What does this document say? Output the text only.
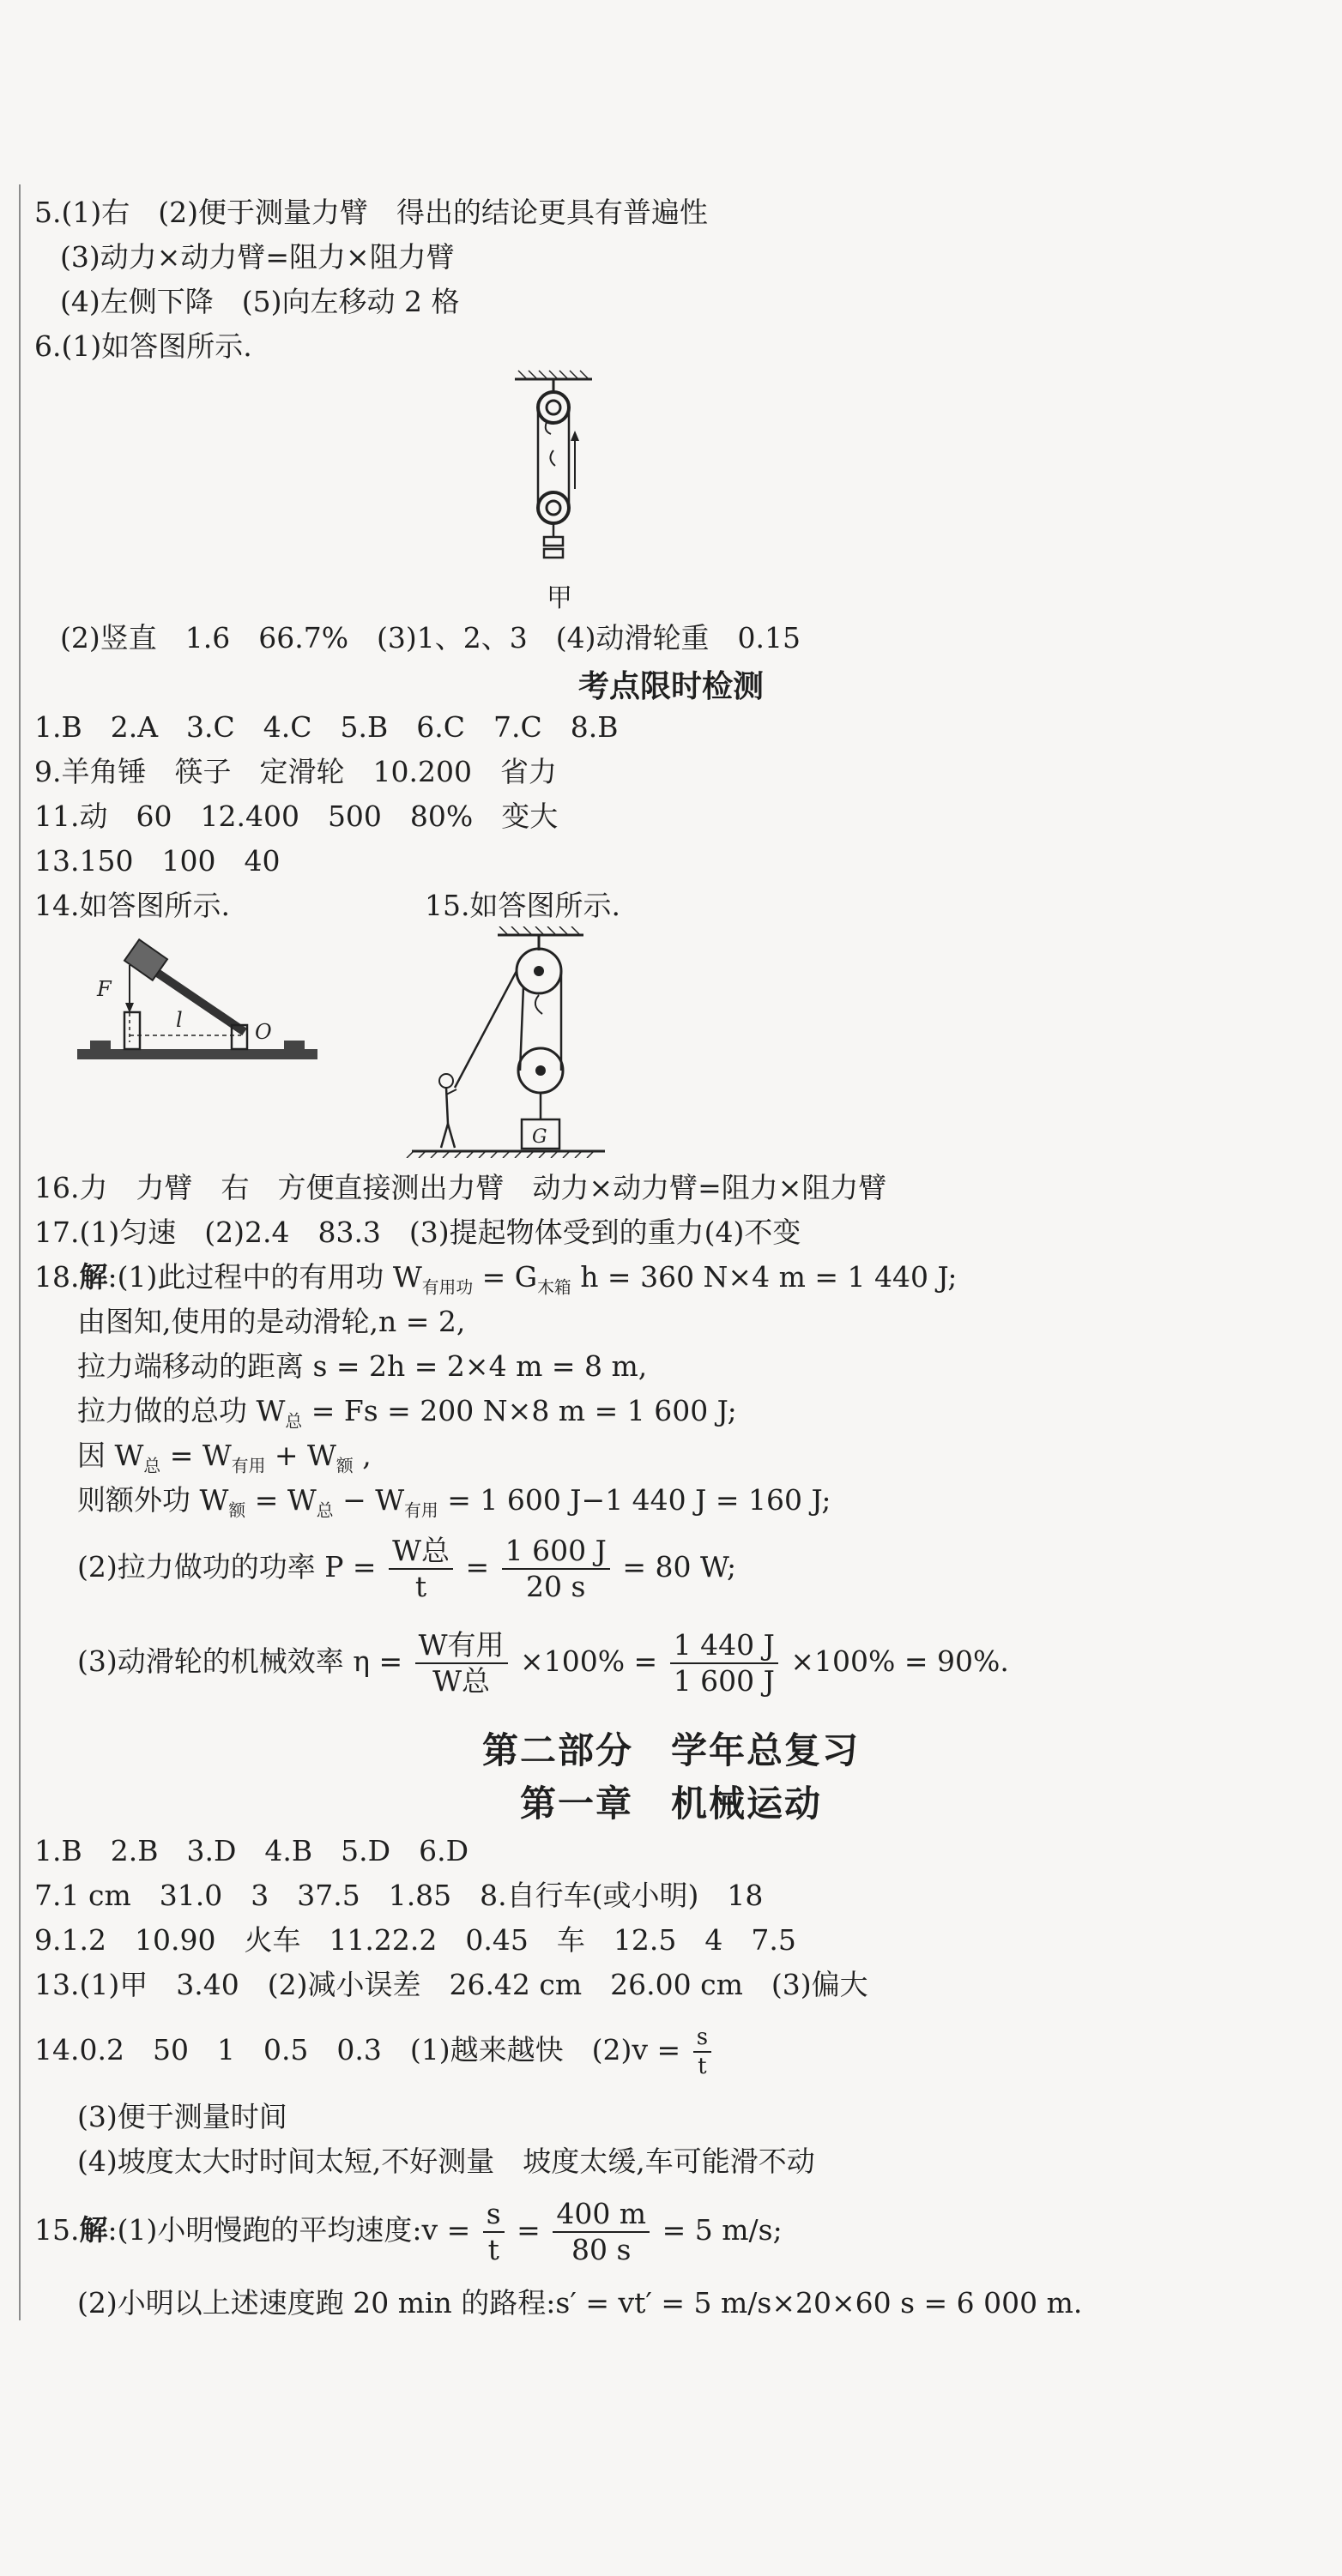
5.(1)右　(2)便于测量力臂　得出的结论更具有普遍性
(3)动力×动力臂=阻力×阻力臂
(4)左侧下降　(5)向左移动 2 格
6.(1)如答图所示.
甲
(2)竖直　1.6　66.7%　(3)1、2、3　(4)动滑轮重　0.15
考点限时检测
1.B　2.A　3.C　4.C　5.B　6.C　7.C　8.B
9.羊角锤　筷子　定滑轮　10.200　省力
11.动　60　12.400　500　80%　变大
13.150　100　40
14.如答图所示.	15.如答图所示.
F
l	O
G
16.力　力臂　右　方便直接测出力臂　动力×动力臂=阻力×阻力臂
17.(1)匀速　(2)2.4　83.3　(3)提起物体受到的重力(4)不变
18.解:(1)此过程中的有用功 $W_{有用功} = G_{木箱}$ h = 360 N×4 m = 1 440 J;
由图知,使用的是动滑轮,n = 2,
拉力端移动的距离 s = 2h = 2×4 m = 8 m,
拉力做的总功 $W_总 = Fs = 200$ N×8 m = 1 600 J;
因 $W_总 = W_{有用} + W_额$ ,
则额外功 $W_额 = W_总 - W_{有用} = 1$ 600 J−1 440 J = 160 J;
(2)拉力做功的功率 $P = \frac{\text{W总}}{t} = \frac{1 600 J}{20 s} = 80$ W;
(3)动滑轮的机械效率 $\eta = \frac{\text{W有用}}{\text{W总}} \times 100\% = \frac{1 440 J}{1 600 J} \times 100\% = 90\%$.
第二部分　学年总复习
第一章　机械运动
1.B　2.B　3.D　4.B　5.D　6.D
7.1 cm　31.0　3　37.5　1.85　8.自行车(或小明)　18
9.1.2　10.90　火车　11.22.2　0.45　车　12.5　4　7.5
13.(1)甲　3.40　(2)减小误差　26.42 cm　26.00 cm　(3)偏大
14.0.2　50　1　0.5　0.3　(1)越来越快　$(2)v = \frac{s}{t}$
(3)便于测量时间
(4)坡度太大时时间太短,不好测量　坡度太缓,车可能滑不动
15.解:(1)小明慢跑的平均速度:v = $\frac{s}{t} = \frac{400 m}{80 s} = 5$ m/s;
(2)小明以上述速度跑 20 min 的路程:s′ = vt′ = 5 m/s×20×60 s = 6 000 m.
